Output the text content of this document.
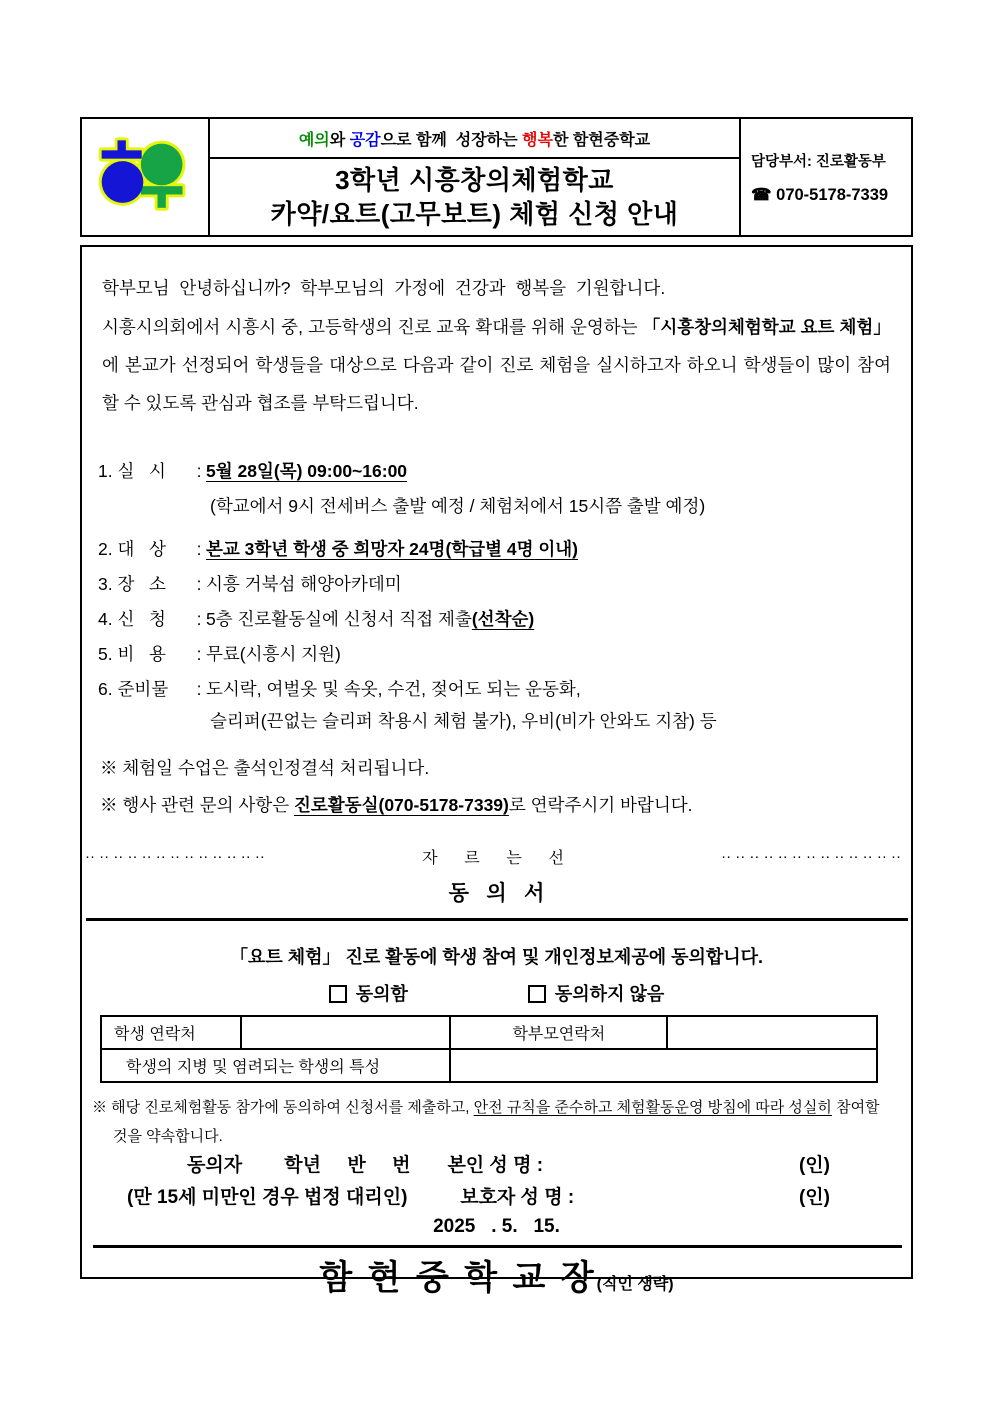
예의 와 공감 으로 함께  성장하는 행복 한 함현중학교
3학년 시흥창의체험학교
카약/요트(고무보트) 체험 신청 안내
담당부서: 진로활동부
☎ 070-5178-7339

학부모님  안녕하십니까?  학부모님의  가정에  건강과  행복을  기원합니다.

시흥시의회에서 시흥시 중, 고등학생의 진로 교육 확대를 위해 운영하는 「시흥창의체험학교 요트 체험」에 본교가 선정되어 학생들을 대상으로 다음과 같이 진로 체험을 실시하고자 하오니 학생들이 많이 참여할 수 있도록 관심과 협조를 부탁드립니다.

1. 실   시	: 5월 28일(목) 09:00~16:00
(학교에서 9시 전세버스 출발 예정 / 체험처에서 15시쯤 출발 예정)
2. 대   상	: 본교 3학년 학생 중 희망자 24명(학급별 4명 이내)
3. 장   소	: 시흥 거북섬 해양아카데미
4. 신   청	: 5층 진로활동실에 신청서 직접 제출 (선착순)
5. 비   용	: 무료(시흥시 지원)
6. 준비물	: 도시락, 여벌옷 및 속옷, 수건, 젖어도 되는 운동화,
슬리퍼(끈없는 슬리퍼 착용시 체험 불가), 우비(비가 안와도 지참) 등

※ 체험일 수업은 출석인정결석 처리됩니다.

※ 행사 관련 문의 사항은 진로활동실(070-5178-7339)로 연락주시기 바랍니다.

·· ·· ·· ·· ·· ·· ·· ·· ·· ·· ·· ·· ··	자      르      는      선	·· ·· ·· ·· ·· ·· ·· ·· ·· ·· ·· ·· ··
동   의   서

「요트 체험」 진로 활동에 학생 참여 및 개인정보제공에 동의합니다.

동의함	동의하지 않음
학생 연락처		학부모연락처	
학생의 지병 및 염려되는 학생의 특성			

※ 해당 진로체험활동 참가에 동의하여 신청서를 제출하고, 안전 규칙을 준수하고 체험활동운영 방침에 따라 성실히 참여할 것을 약속합니다.

동의자        학년     반     번       본인 성 명 :	(인)
(만 15세 미만인 경우 법정 대리인)          보호자 성 명 :	(인)
2025   . 5.   15.
함 현 중 학 교 장(직인 생략)
